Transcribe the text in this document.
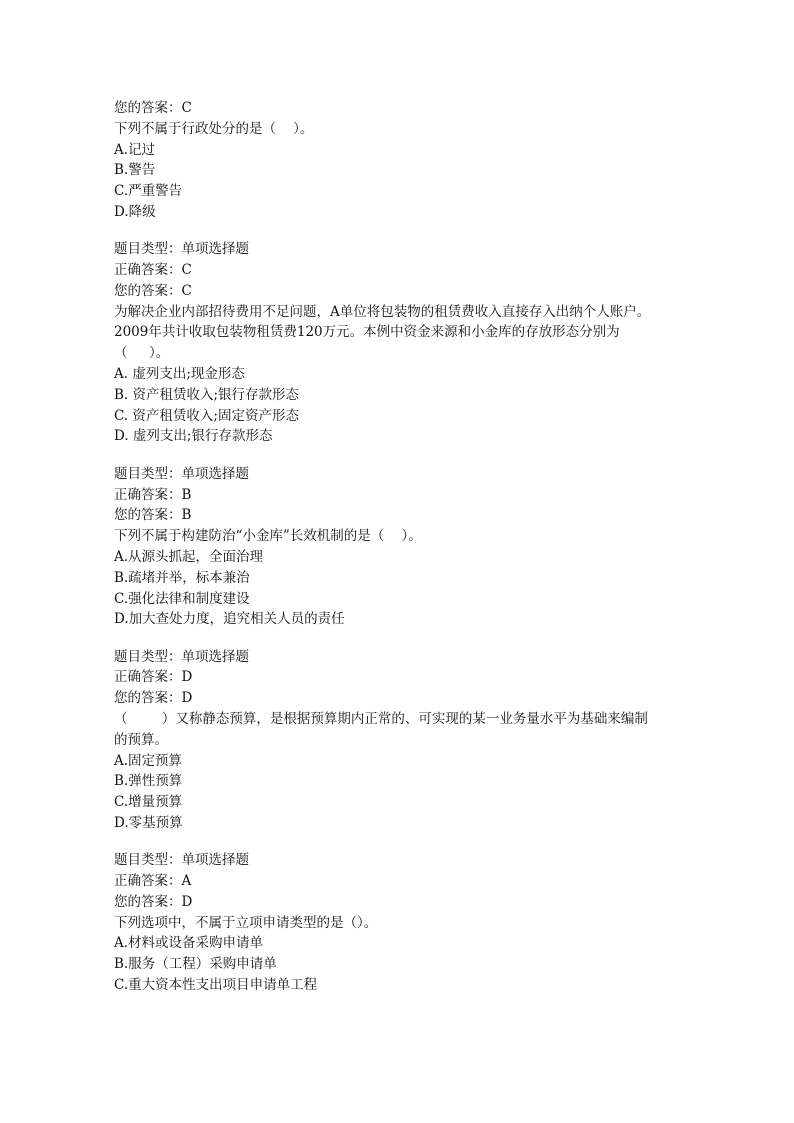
您的答案：C
下列不属于行政处分的是（    ）。
A.记过
B.警告
C.严重警告
D.降级
题目类型：单项选择题
正确答案：C
您的答案：C
为解决企业内部招待费用不足问题，A单位将包装物的租赁费收入直接存入出纳个人账户。
2009年共计收取包装物租赁费120万元。本例中资金来源和小金库的存放形态分别为
（     ）。
A. 虚列支出;现金形态
B. 资产租赁收入;银行存款形态
C. 资产租赁收入;固定资产形态
D. 虚列支出;银行存款形态
题目类型：单项选择题
正确答案：B
您的答案：B
下列不属于构建防治“小金库”长效机制的是（    ）。
A.从源头抓起，全面治理
B.疏堵并举，标本兼治
C.强化法律和制度建设
D.加大查处力度，追究相关人员的责任
题目类型：单项选择题
正确答案：D
您的答案：D
（        ）又称静态预算，是根据预算期内正常的、可实现的某一业务量水平为基础来编制
的预算。
A.固定预算
B.弹性预算
C.增量预算
D.零基预算
题目类型：单项选择题
正确答案：A
您的答案：D
下列选项中，不属于立项申请类型的是（）。
A.材料或设备采购申请单
B.服务（工程）采购申请单
C.重大资本性支出项目申请单工程
